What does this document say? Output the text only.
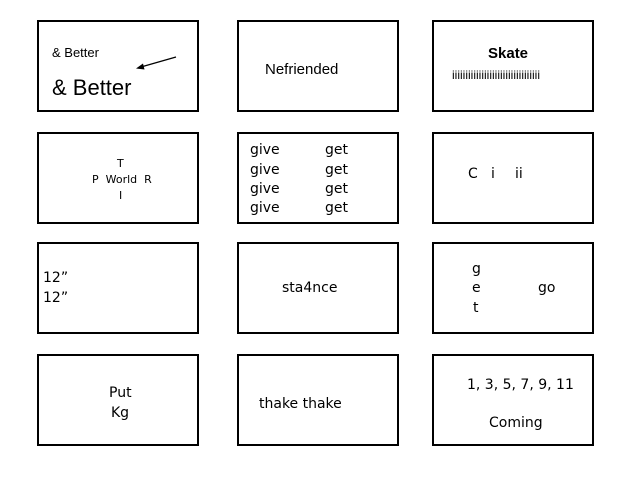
& Better
& Better
Nefriended
Skate
iiiiiiiiiiiiiiiiiiiiiiiiiiiiiiiii
T
P  World  R
I
give	get
give	get
give	get
give	get
C i ii
12”
12”
sta4nce
g
e
t
go
Put
Kg
thake thake
1, 3, 5, 7, 9, 11
Coming
